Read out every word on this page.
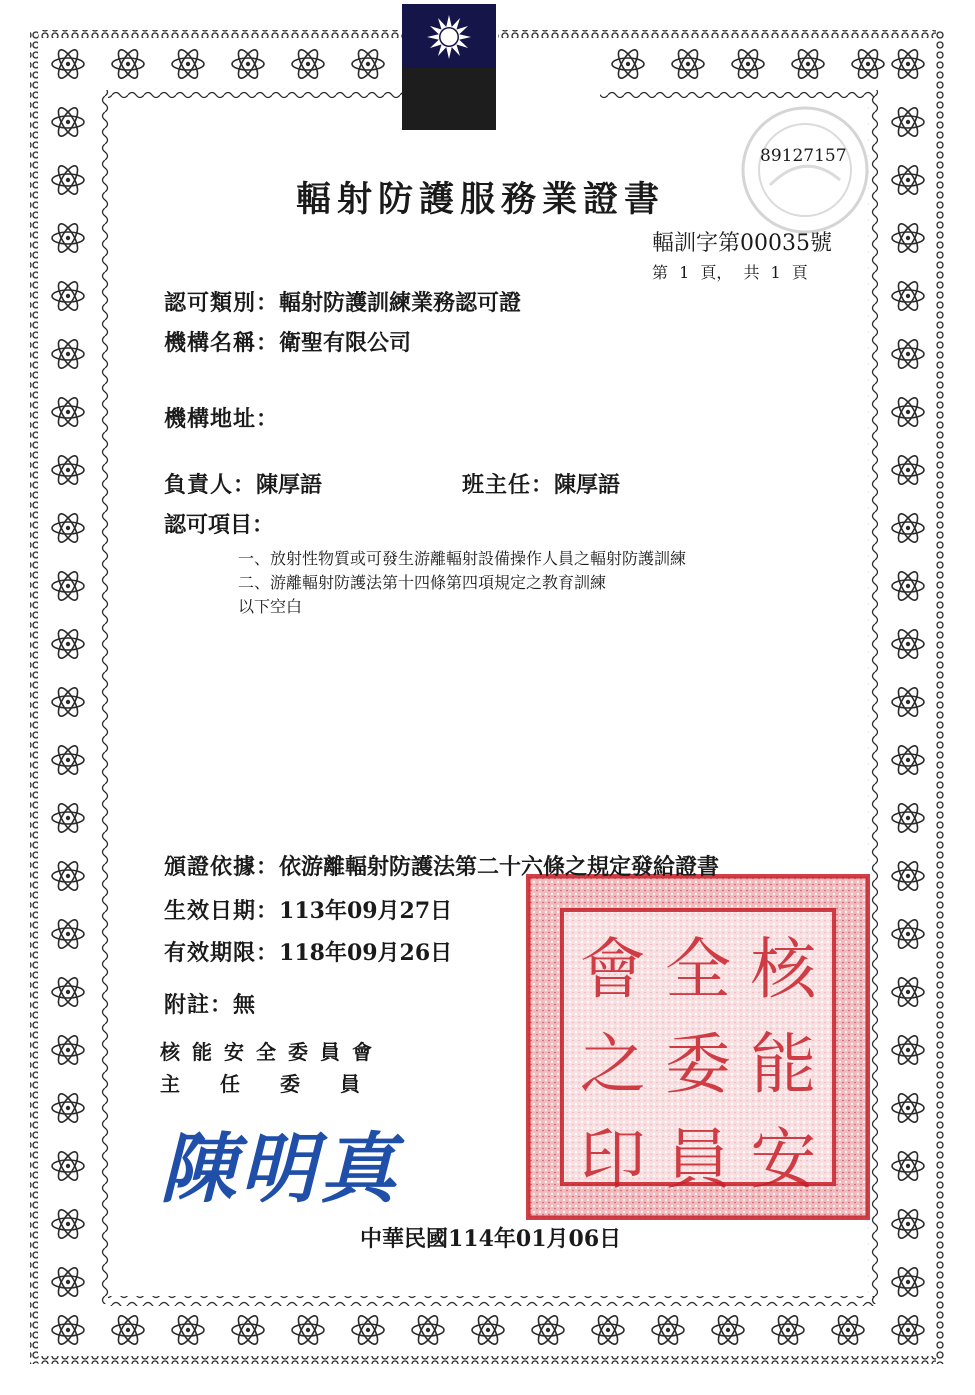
89127157
輻射防護服務業證書
輻訓字第00035號
第 1 頁， 共 1 頁
認可類別：輻射防護訓練業務認可證
機構名稱：衛聖有限公司
機構地址：
負責人：陳厚語	班主任：陳厚語
認可項目：
一、放射性物質或可發生游離輻射設備操作人員之輻射防護訓練
二、游離輻射防護法第十四條第四項規定之教育訓練
以下空白
核
能
安
全
委
員
會
之
印
頒證依據：依游離輻射防護法第二十六條之規定發給證書
生效日期：113年09月27日
有效期限：118年09月26日
附註：無
核能安全委員會
主 任 委 員
陳明真
中華民國114年01月06日
